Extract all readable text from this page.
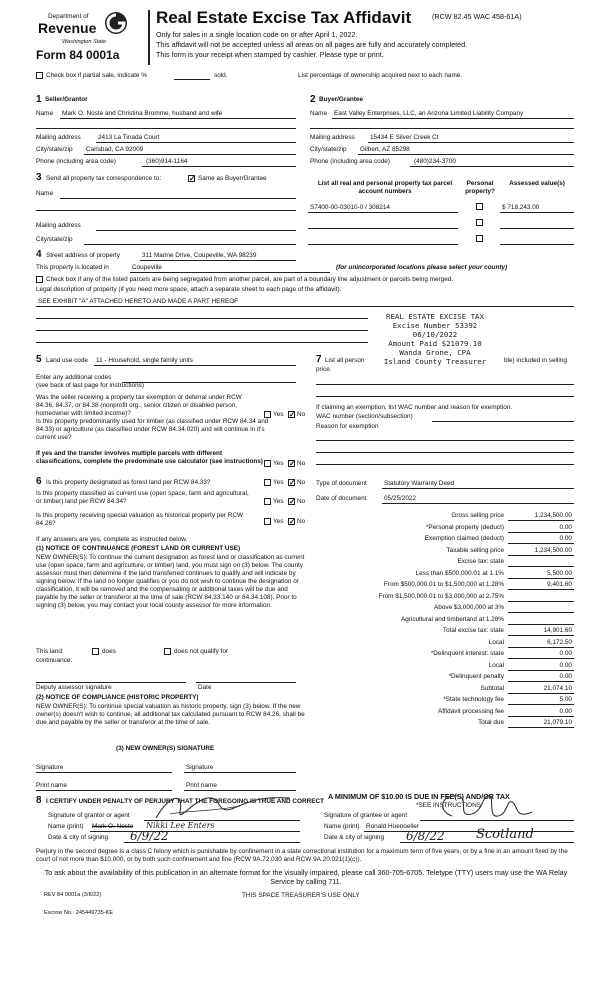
Department of
Revenue
Washington State
Form 84 0001a
Real Estate Excise Tax Affidavit	(RCW 82.45 WAC 458-61A)
Only for sales in a single location code on or after April 1, 2022.
This affidavit will not be accepted unless all areas on all pages are fully and accurately completed.
This form is your receipt when stamped by cashier. Please type or print.
Check box if partial sale, indicate %	sold.	List percentage of ownership acquired next to each name.
1 Seller/Grantor
Name Mark O. Noste and Christina Bromme, husband and wife
Mailing address	2413 La Tinada Court
City/state/zip Carlsbad, CA 92009
Phone (including area code)	(360)914-1164
2 Buyer/Grantee
Name East Valley Enterprises, LLC, an Arizona Limited Liability Company
Mailing address 15434 E Silver Creek Ct
City/state/zip Gilbert, AZ 85298
Phone (including area code)	(480)234-3700
3 Send all property tax correspondence to: ✓	Same as Buyer/Grantee
Name
Mailing address
City/state/zip
List all real and personal property tax parcel account numbers
Personal property?
Assessed value(s)
S7400-00-03010-0 / 308214	$ 718,243.00
4 Street address of property	311 Marine Drive, Coupeville, WA 98239
This property is located in	Coupeville	(for unincorporated locations please select your county)
Check box if any of the listed parcels are being segregated from another parcel, are part of a boundary line adjustment or parcels being merged.
Legal description of property (if you need more space, attach a separate sheet to each page of the affidavit).
SEE EXHIBIT "A" ATTACHED HERETO AND MADE A PART HEREOF
REAL ESTATE EXCISE TAX
Excise Number 53392
06/10/2022
Amount Paid $21079.10
Wanda Grone, CPA
Island County Treasurer
5 Land use code 11 - Household, single family units
Enter any additional codes
(see back of last page for instructions)
Was the seller receiving a property tax exemption or deferral under RCW 84.36, 84.37, or 84.38 (nonprofit org., senior citizen or disabled person, homeowner with limited income)?	Yes ✓ No
Is this property predominantly used for timber (as classified under RCW 84.34 and 84.33) or agriculture (as classified under RCW 84.34.020) and will continue in it's current use?
If yes and the transfer involves multiple parcels with different classifications, complete the predominate use calculator (see instructions)	Yes ✓ No
7 List all person	ble) included in selling
price.
If claiming an exemption, list WAC number and reason for exemption.
WAC number (section/subsection)
Reason for exemption
6 Is this property designated as forest land per RCW 84.33?	Yes ✓ No
Is this property classified as current use (open space, farm and agricultural, or timber) land per RCW 84.34?	Yes ✓ No
Is this property receiving special valuation as historical property per RCW 84.26?	Yes ✓ No
If any answers are yes, complete as instructed below.
(1) NOTICE OF CONTINUANCE (FOREST LAND OR CURRENT USE)
NEW OWNER(S): To continue the current designation as forest land or classification as current use (open space, farm and agriculture, or timber) land, you must sign on (3) below. The county assessor must then determine if the land transferred continues to qualify and will indicate by signing below. If the land no longer qualifies or you do not wish to continue the designation or classification, it will be removed and the compensating or additional taxes will be due and payable by the seller or transferor at the time of sale (RCW 84.33.140 or 84.34.108). Prior to signing (3) below, you may contact your local county assessor for more information.
This land:	does	does not qualify for
continuance.
Deputy assessor signature	Date
(2) NOTICE OF COMPLIANCE (HISTORIC PROPERTY)
NEW OWNER(S): To continue special valuation as historic property, sign (3) below. If the new owner(s) doesn't wish to continue, all additional tax calculated pursuant to RCW 84.26, shall be due and payable by the seller or transferor at the time of sale.
(3) NEW OWNER(S) SIGNATURE
Signature	Signature
Print name	Print name
Type of document	Statutory Warranty Deed
Date of document	05/25/2022
Gross selling price	1,234,500.00
*Personal property (deduct)	0.00
Exemption claimed (deduct)	0.00
Taxable selling price	1,234,500.00
Excise tax: state
Less than $500,000.01 at 1.1%	5,500.00
From $500,000.01 to $1,500,000 at 1.28%	9,401.60
From $1,500,000.01 to $3,000,000 at 2.75%
Above $3,000,000 at 3%
Agricultural and timberland at 1.28%
Total excise tax: state	14,901.60
Local	6,172.50
*Delinquent interest: state	0.00
Local	0.00
*Delinquent penalty	0.00
Subtotal	21,074.10
*State technology fee	5.00
Affidavit processing fee	0.00
Total due	21,079.10
A MINIMUM OF $10.00 IS DUE IN FEE(S) AND/OR TAX
*SEE INSTRUCTIONS
8 I CERTIFY UNDER PENALTY OF PERJURY THAT THE FOREGOING IS TRUE AND CORRECT
Signature of grantor or agent
Name (print) Mark O. Noste Nikki Lee Enters
Date & city of signing 6/9/22
Signature of grantee or agent
Name (print) Ronald Huenoeller
Date & city of signing 6/8/22 Scotland
Perjury in the second degree is a class C felony which is punishable by confinement in a state correctional institution for a maximum term of five years, or by a fine in an amount fixed by the court of not more than $10,000, or by both such confinement and fine (RCW 9A.72.030 and RCW 9A.20.021(1)(c)).
To ask about the availability of this publication in an alternate format for the visually impaired, please call 360-705-6705. Teletype (TTY) users may use the WA Relay Service by calling 711.
REV 84 0001a (3/8/22)	THIS SPACE TREASURER'S USE ONLY
Escrow No.: 245449735-KE
